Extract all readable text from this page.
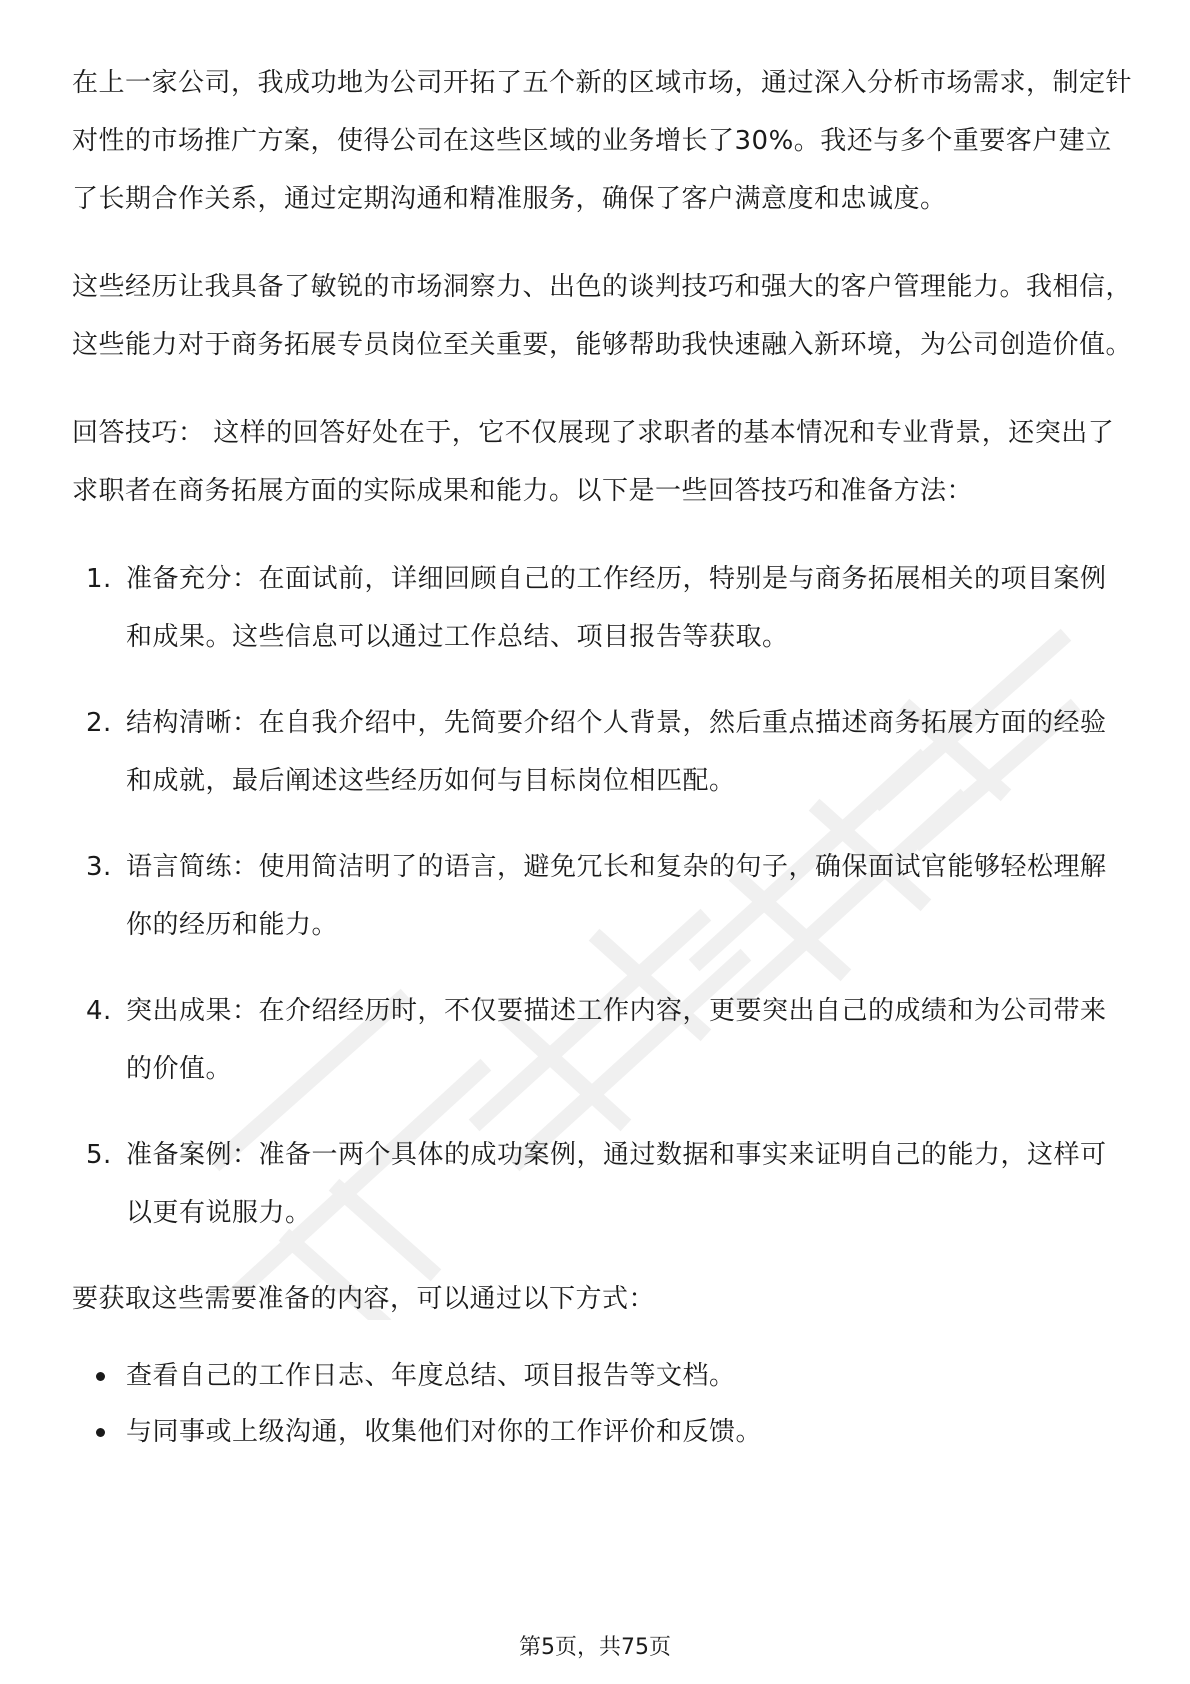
在上一家公司，我成功地为公司开拓了五个新的区域市场，通过深入分析市场需求，制定针对性的市场推广方案，使得公司在这些区域的业务增长了30%。我还与多个重要客户建立了长期合作关系，通过定期沟通和精准服务，确保了客户满意度和忠诚度。

这些经历让我具备了敏锐的市场洞察力、出色的谈判技巧和强大的客户管理能力。我相信，这些能力对于商务拓展专员岗位至关重要，能够帮助我快速融入新环境，为公司创造价值。

回答技巧： 这样的回答好处在于，它不仅展现了求职者的基本情况和专业背景，还突出了求职者在商务拓展方面的实际成果和能力。以下是一些回答技巧和准备方法：

1. 准备充分：在面试前，详细回顾自己的工作经历，特别是与商务拓展相关的项目案例和成果。这些信息可以通过工作总结、项目报告等获取。
2. 结构清晰：在自我介绍中，先简要介绍个人背景，然后重点描述商务拓展方面的经验和成就，最后阐述这些经历如何与目标岗位相匹配。
3. 语言简练：使用简洁明了的语言，避免冗长和复杂的句子，确保面试官能够轻松理解你的经历和能力。
4. 突出成果：在介绍经历时，不仅要描述工作内容，更要突出自己的成绩和为公司带来的价值。
5. 准备案例：准备一两个具体的成功案例，通过数据和事实来证明自己的能力，这样可以更有说服力。

要获取这些需要准备的内容，可以通过以下方式：

查看自己的工作日志、年度总结、项目报告等文档。
与同事或上级沟通，收集他们对你的工作评价和反馈。
第5页，共75页
